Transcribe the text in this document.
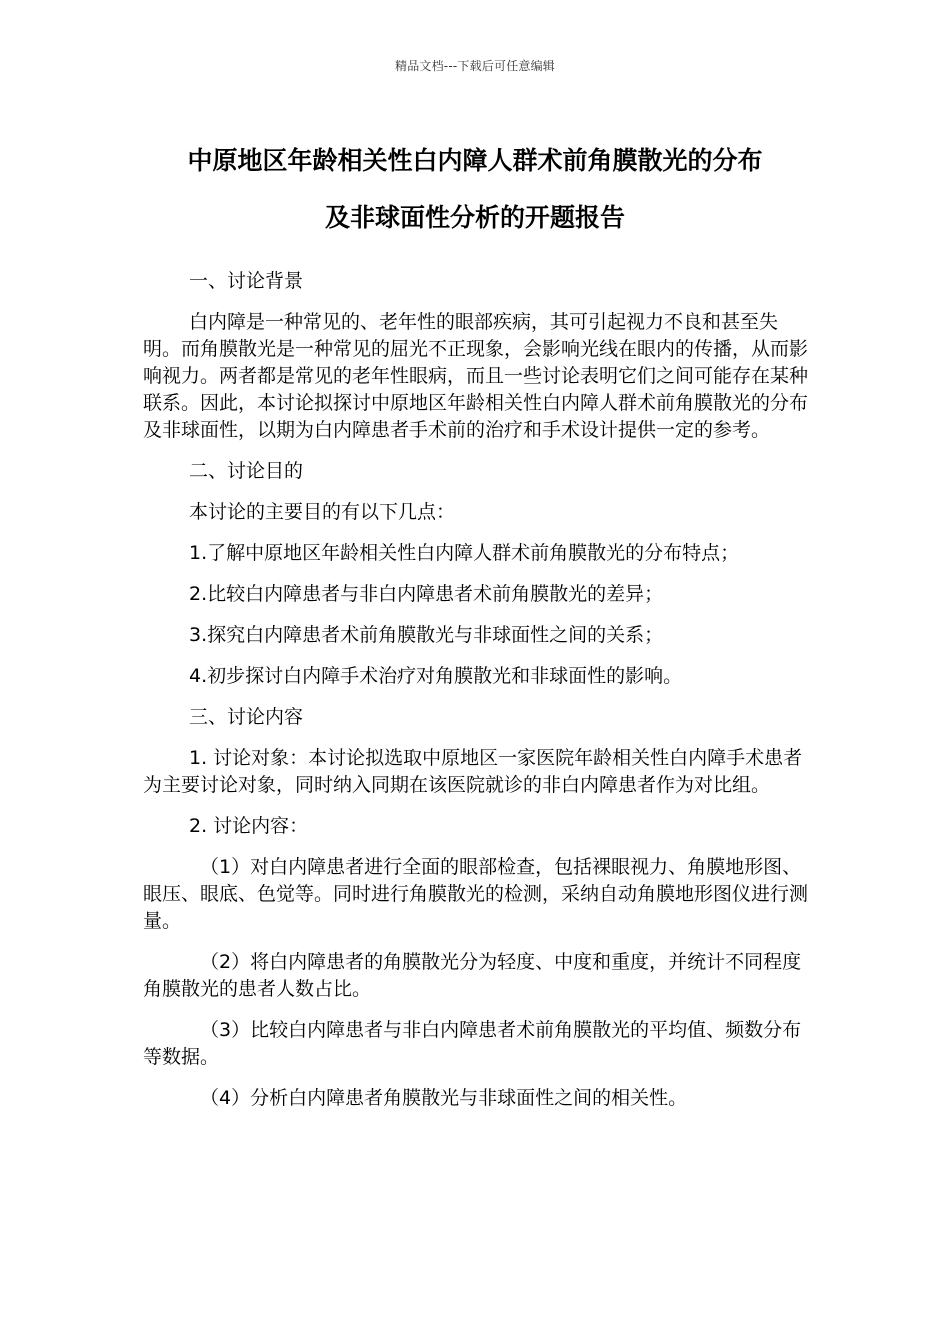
精品文档---下载后可任意编辑
中原地区年龄相关性白内障人群术前角膜散光的分布
及非球面性分析的开题报告

一、讨论背景

白内障是一种常见的、老年性的眼部疾病，其可引起视力不良和甚至失明。而角膜散光是一种常见的屈光不正现象，会影响光线在眼内的传播，从而影响视力。两者都是常见的老年性眼病，而且一些讨论表明它们之间可能存在某种联系。因此，本讨论拟探讨中原地区年龄相关性白内障人群术前角膜散光的分布及非球面性，以期为白内障患者手术前的治疗和手术设计提供一定的参考。

二、讨论目的

本讨论的主要目的有以下几点：

1.了解中原地区年龄相关性白内障人群术前角膜散光的分布特点；

2.比较白内障患者与非白内障患者术前角膜散光的差异；

3.探究白内障患者术前角膜散光与非球面性之间的关系；

4.初步探讨白内障手术治疗对角膜散光和非球面性的影响。

三、讨论内容

1. 讨论对象：本讨论拟选取中原地区一家医院年龄相关性白内障手术患者为主要讨论对象，同时纳入同期在该医院就诊的非白内障患者作为对比组。

2. 讨论内容：

（1）对白内障患者进行全面的眼部检查，包括裸眼视力、角膜地形图、眼压、眼底、色觉等。同时进行角膜散光的检测，采纳自动角膜地形图仪进行测量。

（2）将白内障患者的角膜散光分为轻度、中度和重度，并统计不同程度角膜散光的患者人数占比。

（3）比较白内障患者与非白内障患者术前角膜散光的平均值、频数分布等数据。

（4）分析白内障患者角膜散光与非球面性之间的相关性。
